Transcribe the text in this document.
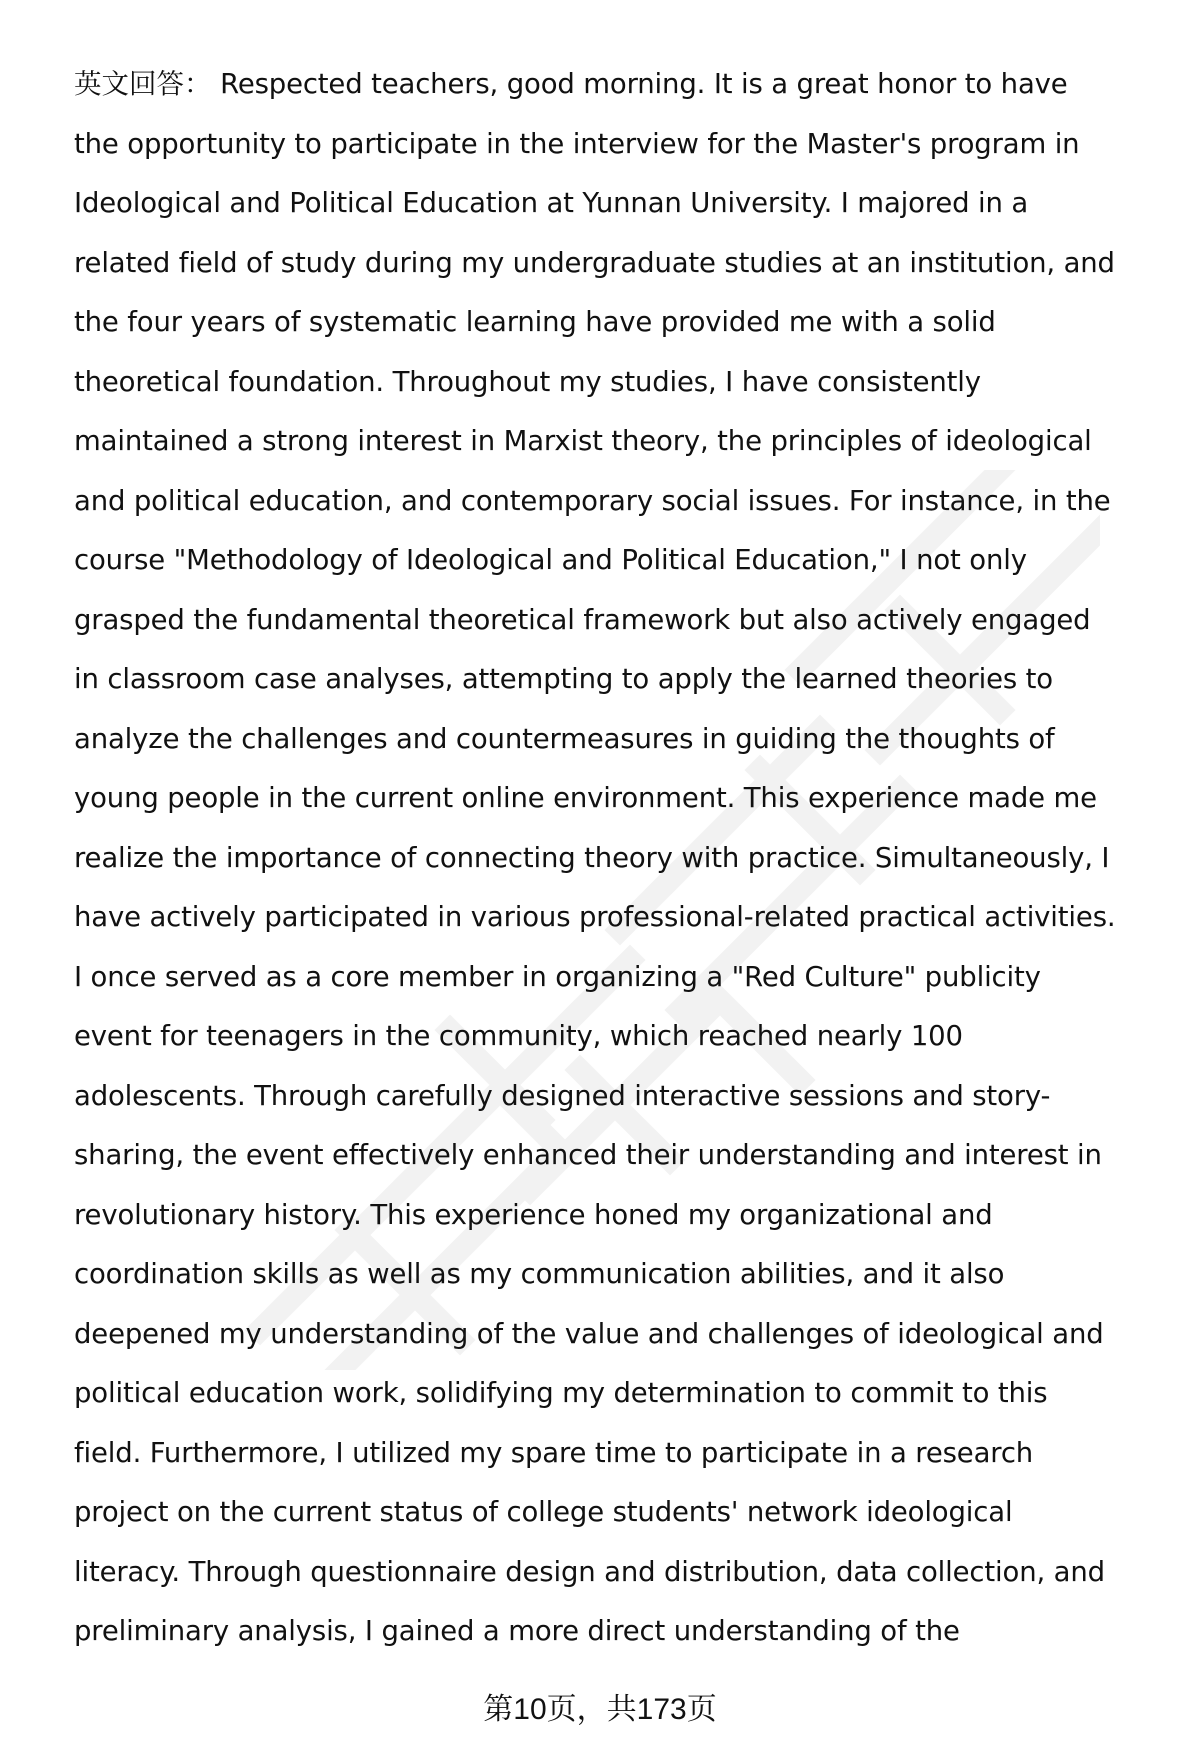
英文回答： Respected teachers, good morning. It is a great honor to have
the opportunity to participate in the interview for the Master's program in
Ideological and Political Education at Yunnan University. I majored in a
related field of study during my undergraduate studies at an institution, and
the four years of systematic learning have provided me with a solid
theoretical foundation. Throughout my studies, I have consistently
maintained a strong interest in Marxist theory, the principles of ideological
and political education, and contemporary social issues. For instance, in the
course "Methodology of Ideological and Political Education," I not only
grasped the fundamental theoretical framework but also actively engaged
in classroom case analyses, attempting to apply the learned theories to
analyze the challenges and countermeasures in guiding the thoughts of
young people in the current online environment. This experience made me
realize the importance of connecting theory with practice. Simultaneously, I
have actively participated in various professional-related practical activities.
I once served as a core member in organizing a "Red Culture" publicity
event for teenagers in the community, which reached nearly 100
adolescents. Through carefully designed interactive sessions and story-
sharing, the event effectively enhanced their understanding and interest in
revolutionary history. This experience honed my organizational and
coordination skills as well as my communication abilities, and it also
deepened my understanding of the value and challenges of ideological and
political education work, solidifying my determination to commit to this
field. Furthermore, I utilized my spare time to participate in a research
project on the current status of college students' network ideological
literacy. Through questionnaire design and distribution, data collection, and
preliminary analysis, I gained a more direct understanding of the
第10页，共173页
